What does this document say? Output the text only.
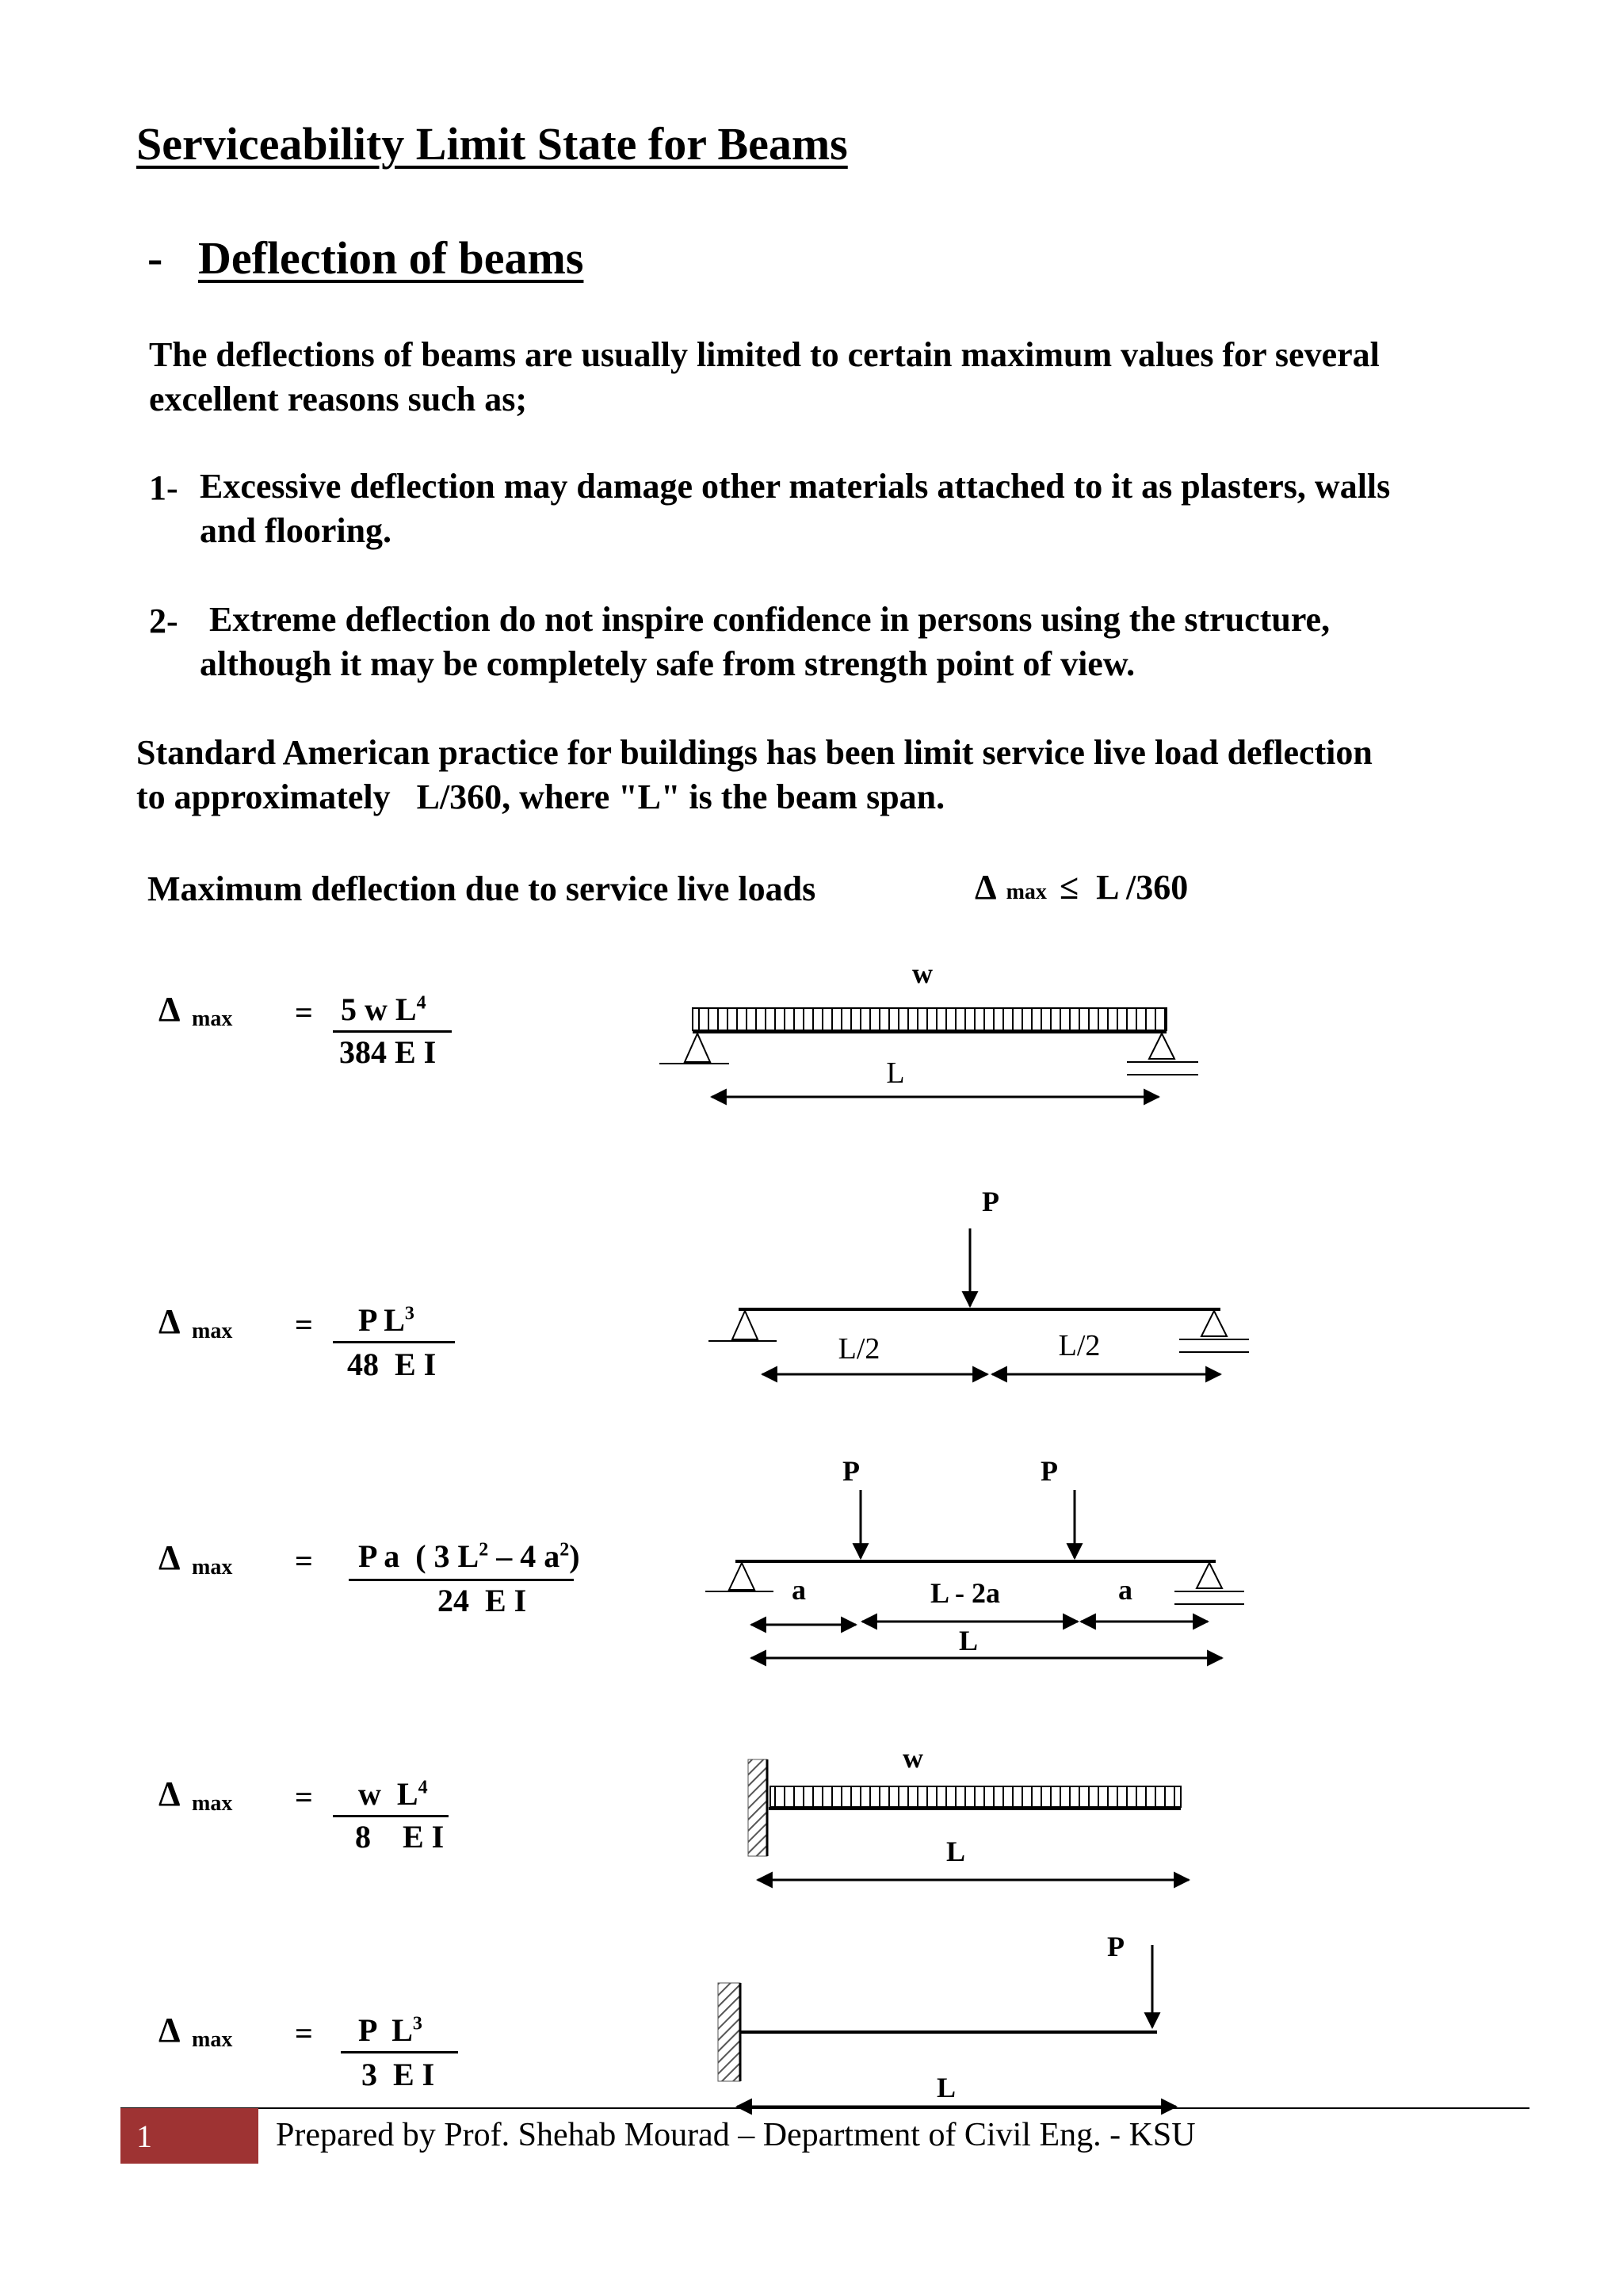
Serviceability Limit State for Beams
- Deflection of beams
The deflections of beams are usually limited to certain maximum values for several
excellent reasons such as;
1- Excessive deflection may damage other materials attached to it as plasters, walls
and flooring.
2- Extreme deflection do not inspire confidence in persons using the structure,
although it may be completely safe from strength point of view.
Standard American practice for buildings has been limit service live load deflection
to approximately   L/360, where "L" is the beam span.
Maximum deflection due to service live loads	Δ max ≤  L /360
Δ max = 5 w $L^4$
384 E I
Δ max = P $L^3$
48  E I
Δ max = P a  ( 3 $L^2 - 4$ $a^2$)
24  E I
Δ max = w  $L^4$
8    E I
Δ max = P  $L^3$
3  E I
w
L
P
L/2	L/2
P	P
a	L - 2a	a
L
w
L
P
L
1	Prepared by Prof. Shehab Mourad – Department of Civil Eng. - KSU
